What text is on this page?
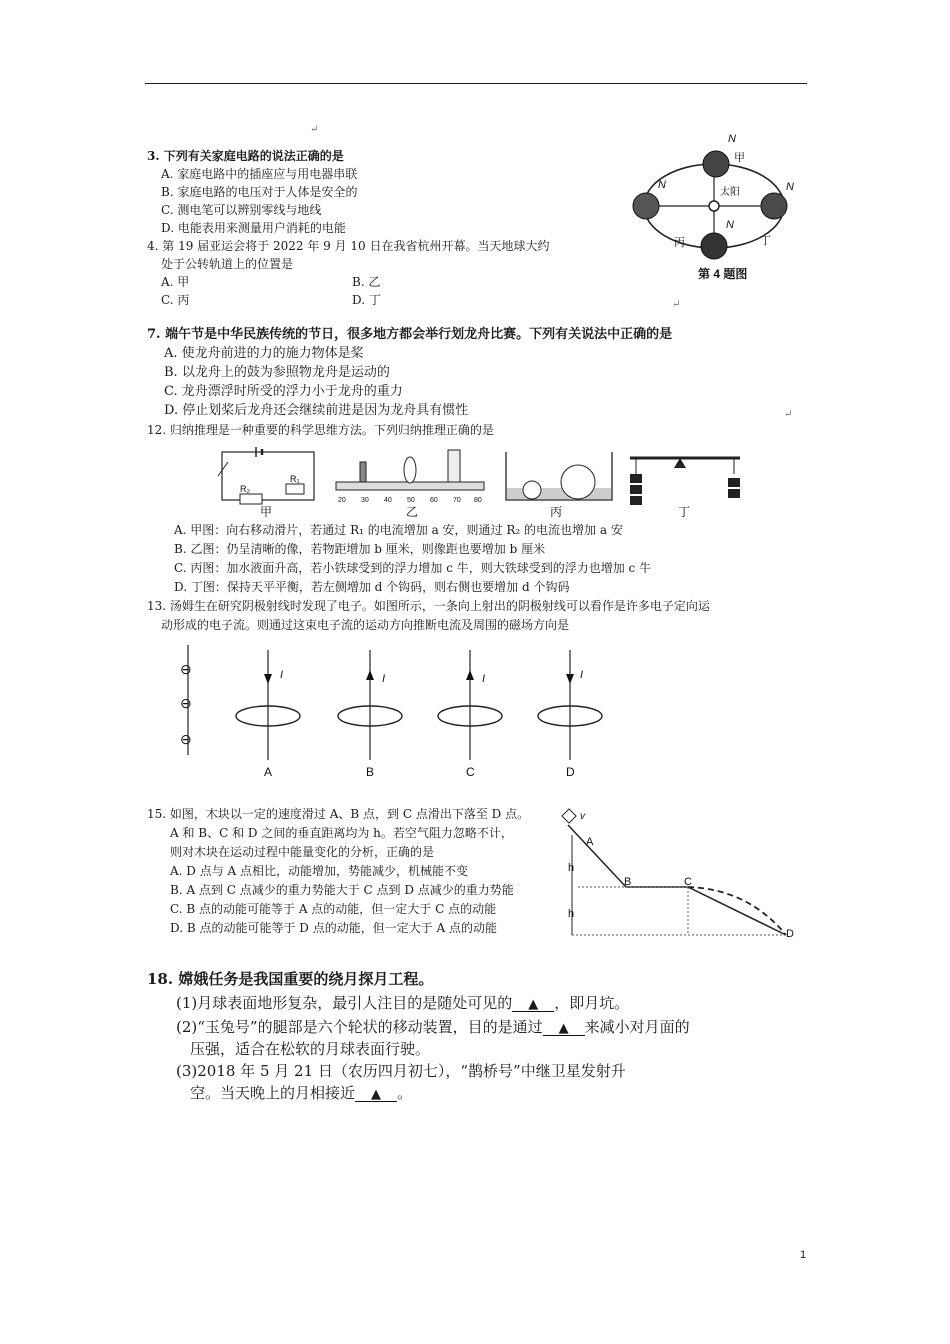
↵
3. 下列有关家庭电路的说法正确的是
A. 家庭电路中的插座应与用电器串联
B. 家庭电路的电压对于人体是安全的
C. 测电笔可以辨别零线与地线
D. 电能表用来测量用户消耗的电能
4. 第 19 届亚运会将于 2022 年 9 月 10 日在我省杭州开幕。当天地球大约
处于公转轨道上的位置是
A. 甲	B. 乙
C. 丙	D. 丁
太阳
甲
丙	丁
N
N	N
N
第 4 题图
↵
7. 端午节是中华民族传统的节日，很多地方都会举行划龙舟比赛。下列有关说法中正确的是
A. 使龙舟前进的力的施力物体是桨
B. 以龙舟上的鼓为参照物龙舟是运动的
C. 龙舟漂浮时所受的浮力小于龙舟的重力
D. 停止划桨后龙舟还会继续前进是因为龙舟具有惯性	↵
12. 归纳推理是一种重要的科学思维方法。下列归纳推理正确的是
R₂
R₁
甲
20 30 40 50 60 70 80
乙	丙	丁
A. 甲图：向右移动滑片，若通过 R₁ 的电流增加 a 安，则通过 R₂ 的电流也增加 a 安
B. 乙图：仍呈清晰的像，若物距增加 b 厘米，则像距也要增加 b 厘米
C. 丙图：加水液面升高，若小铁球受到的浮力增加 c 牛，则大铁球受到的浮力也增加 c 牛
D. 丁图：保持天平平衡，若左侧增加 d 个钩码，则右侧也要增加 d 个钩码
13. 汤姆生在研究阴极射线时发现了电子。如图所示，一条向上射出的阴极射线可以看作是许多电子定向运
动形成的电子流。则通过这束电子流的运动方向推断电流及周围的磁场方向是
⊖
⊖
⊖
I
A
I
B
I
C
I
D
15. 如图，木块以一定的速度滑过 A、B 点，到 C 点滑出下落至 D 点。
A 和 B、C 和 D 之间的垂直距离均为 h。若空气阻力忽略不计，
则对木块在运动过程中能量变化的分析，正确的是
A. D 点与 A 点相比，动能增加，势能减少，机械能不变
B. A 点到 C 点减少的重力势能大于 C 点到 D 点减少的重力势能
C. B 点的动能可能等于 A 点的动能，但一定大于 C 点的动能
D. B 点的动能可能等于 D 点的动能，但一定大于 A 点的动能
A
B	C
D
h
h
v
18. 嫦娥任务是我国重要的绕月探月工程。
(1)月球表面地形复杂，最引人注目的是随处可见的 ▲ ，即月坑。
(2)“玉兔号”的腿部是六个轮状的移动装置，目的是通过 ▲ 来减小对月面的
压强，适合在松软的月球表面行驶。
(3)2018 年 5 月 21 日（农历四月初七），“鹊桥号”中继卫星发射升
空。当天晚上的月相接近 ▲ 。
1
